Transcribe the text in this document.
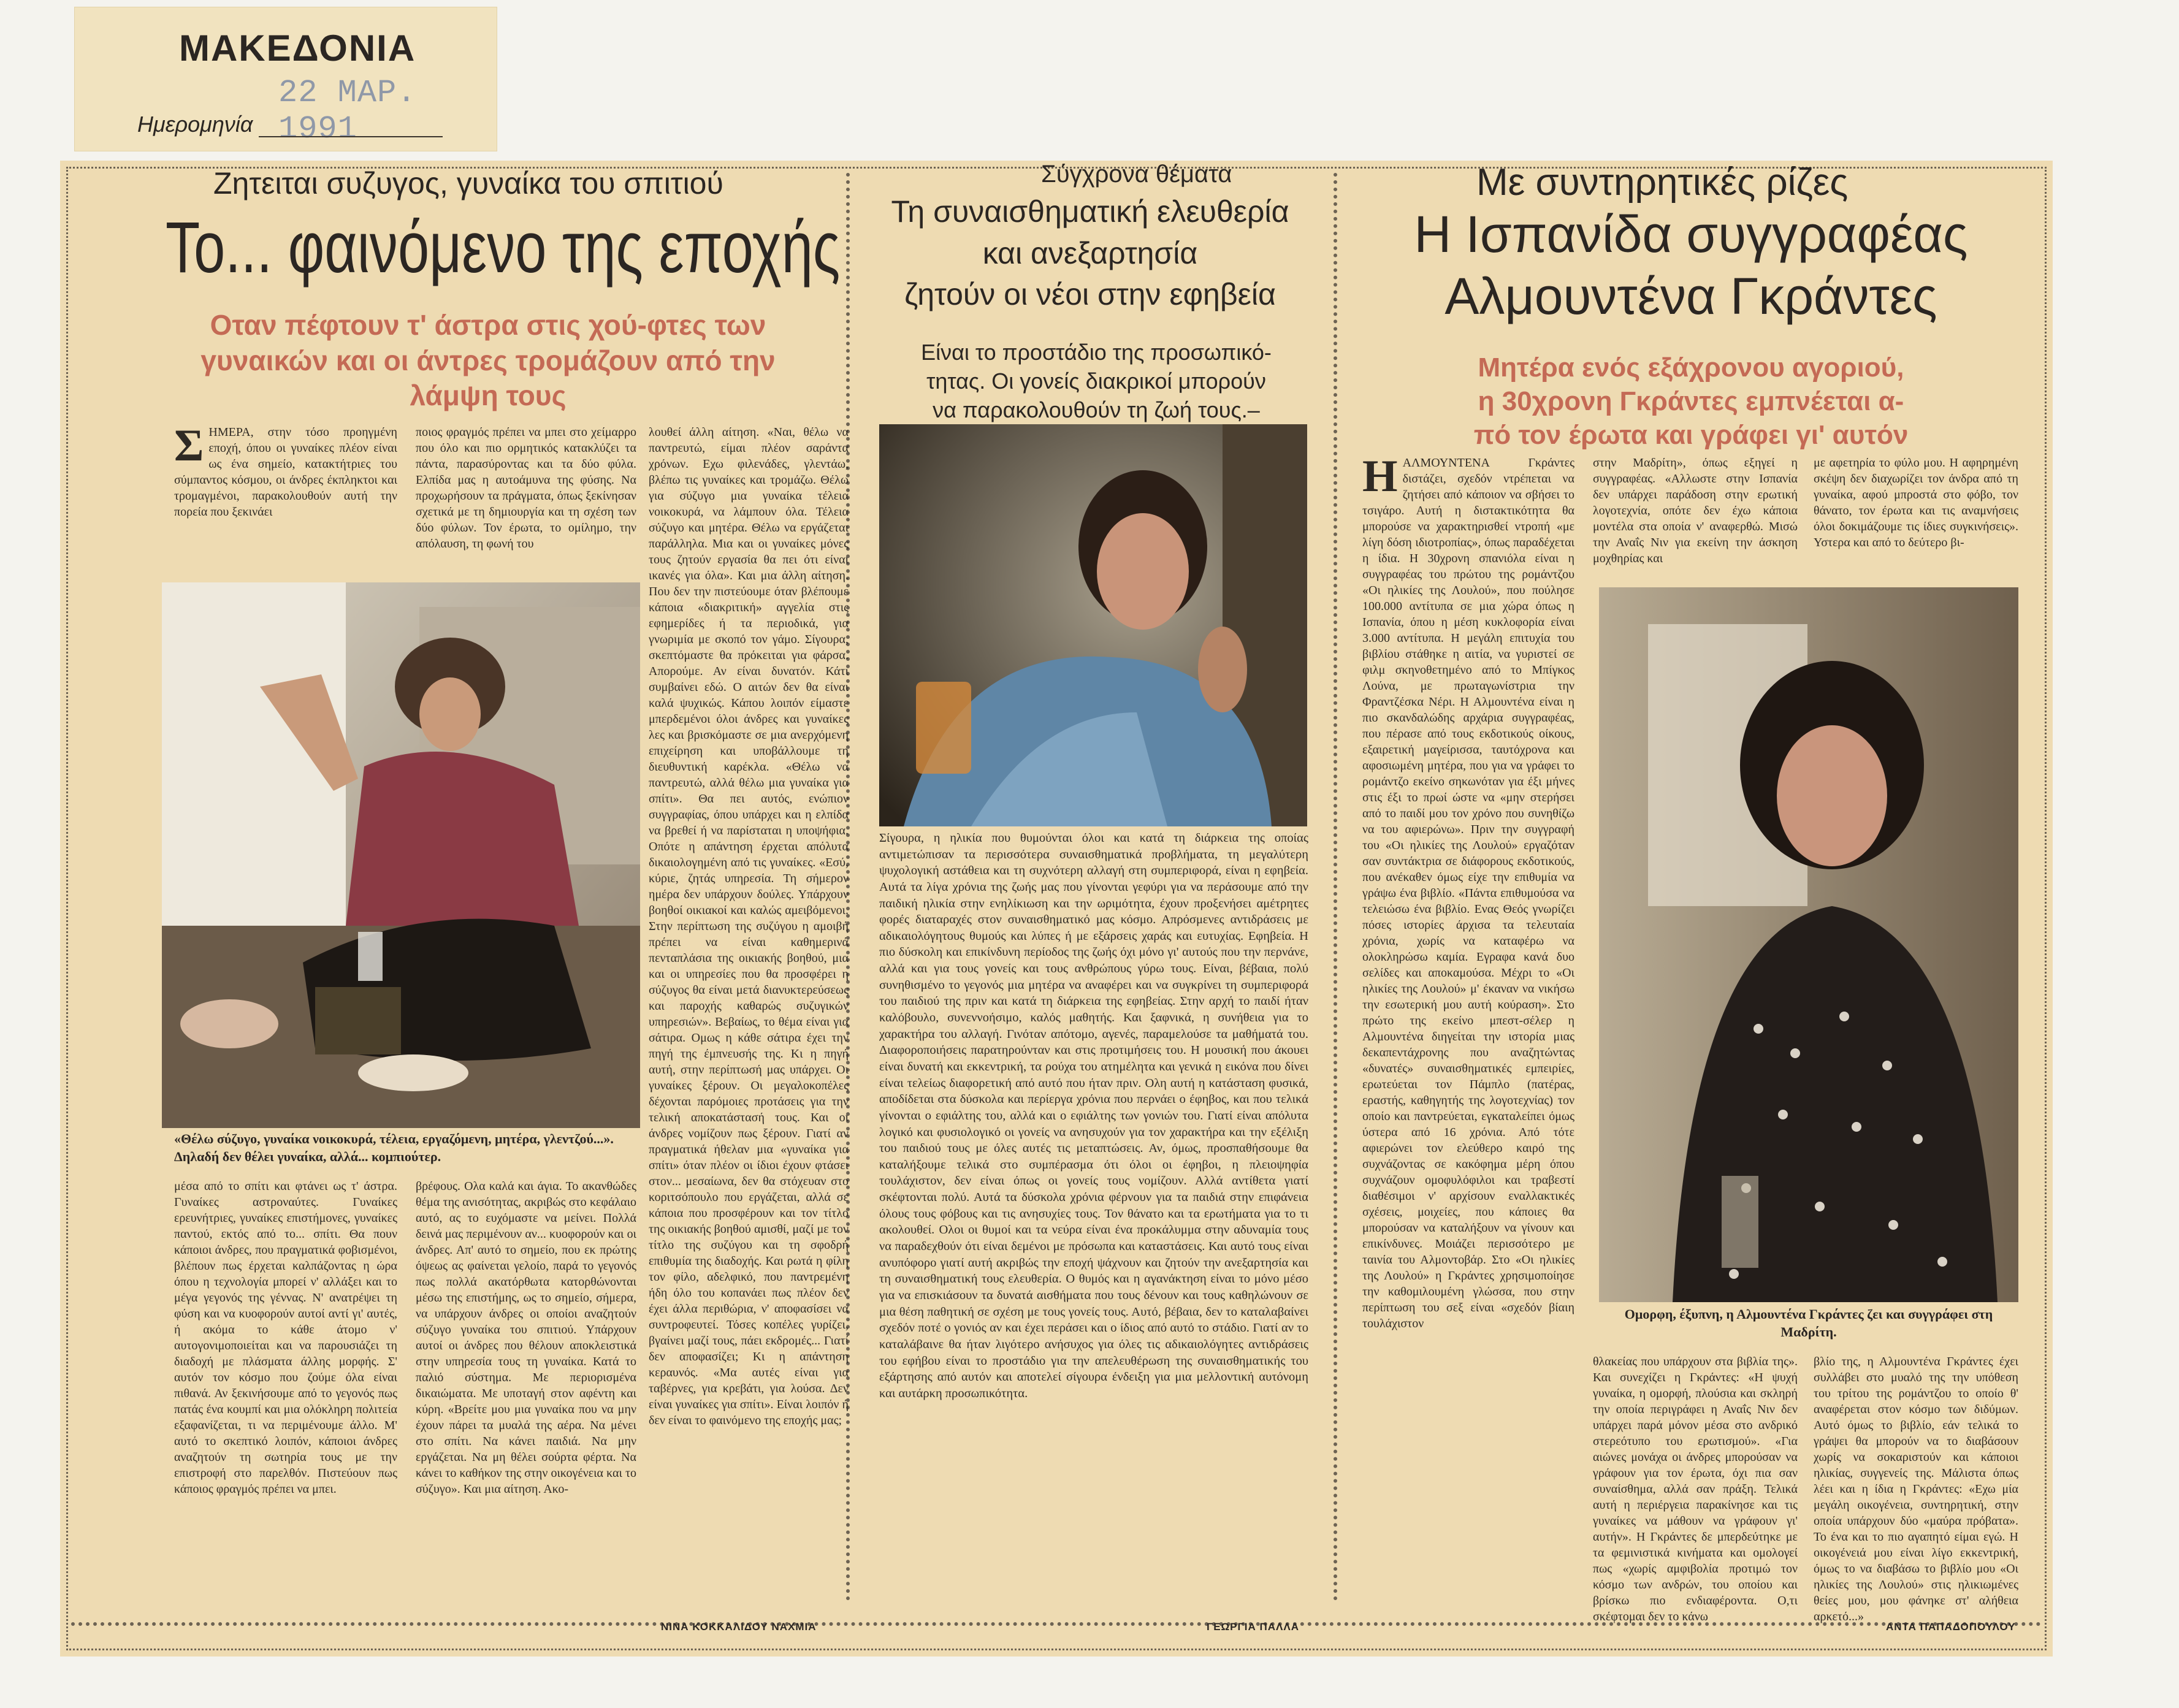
ΜΑΚΕΔΟΝΙΑ
22 ΜΑΡ. 1991
Ημερομηνία
Ζητειται συζυγος, γυναίκα του σπιτιού
Το... φαινόμενο της εποχής
Οταν πέφτουν τ' άστρα στις χού-φτες των γυναικών και οι άντρες τρομάζουν από την λάμψη τους

ΣΗΜΕΡΑ, στην τόσο προηγμένη εποχή, όπου οι γυναίκες πλέον είναι ως ένα σημείο, κατακτήτριες του σύμπαντος κόσμου, οι άνδρες έκπληκτοι και τρομαγμένοι, παρακολουθούν αυτή την πορεία που ξεκινάει

ποιος φραγμός πρέπει να μπει στο χείμαρρο που όλο και πιο ορμητικός κατακλύζει τα πάντα, παρασύροντας και τα δύο φύλα. Ελπίδα μας η αυτοάμυνα της φύσης. Να προχωρήσουν τα πράγματα, όπως ξεκίνησαν σχετικά με τη δημιουργία και τη σχέση των δύο φύλων. Τον έρωτα, το ομίλημο, την απόλαυση, τη φωνή του
λουθεί άλλη αίτηση. «Ναι, θέλω να παντρευτώ, είμαι πλέον σαράντα χρόνων. Εχω φιλενάδες, γλεντάω, βλέπω τις γυναίκες και τρομάζω. Θέλω για σύζυγο μια γυναίκα τέλεια νοικοκυρά, να λάμπουν όλα. Τέλεια σύζυγο και μητέρα. Θέλω να εργάζεται παράλληλα. Μια και οι γυναίκες μόνες τους ζητούν εργασία θα πει ότι είναι ικανές για όλα». Και μια άλλη αίτηση. Που δεν την πιστεύουμε όταν βλέπουμε κάποια «διακριτική» αγγελία στις εφημερίδες ή τα περιοδικά, για γνωριμία με σκοπό τον γάμο. Σίγουρα, σκεπτόμαστε θα πρόκειται για φάρσα. Απορούμε. Αν είναι δυνατόν. Κάτι συμβαίνει εδώ. Ο αιτών δεν θα είναι καλά ψυχικώς. Κάπου λοιπόν είμαστε μπερδεμένοι όλοι άνδρες και γυναίκες λες και βρισκόμαστε σε μια ανερχόμενη επιχείρηση και υποβάλλουμε τη διευθυντική καρέκλα. «Θέλω να παντρευτώ, αλλά θέλω μια γυναίκα για σπίτι». Θα πει αυτός, ενώπιον συγγραφίας, όπου υπάρχει και η ελπίδα να βρεθεί ή να παρίσταται η υποψήφια. Οπότε η απάντηση έρχεται απόλυτα δικαιολογημένη από τις γυναίκες. «Εσύ, κύριε, ζητάς υπηρεσία. Τη σήμερον ημέρα δεν υπάρχουν δούλες. Υπάρχουν βοηθοί οικιακοί και καλώς αμειβόμενοι. Στην περίπτωση της συζύγου η αμοιβή πρέπει να είναι καθημερινά πενταπλάσια της οικιακής βοηθού, μια και οι υπηρεσίες που θα προσφέρει η σύζυγος θα είναι μετά διανυκτερεύσεως και παροχής καθαρώς συζυγικών υπηρεσιών». Βεβαίως, το θέμα είναι για σάτιρα. Ομως η κάθε σάτιρα έχει την πηγή της έμπνευσής της. Κι η πηγή αυτή, στην περίπτωσή μας υπάρχει. Οι γυναίκες ξέρουν. Οι μεγαλοκοπέλες δέχονται παρόμοιες προτάσεις για την τελική αποκατάστασή τους. Και οι άνδρες νομίζουν πως ξέρουν. Γιατί αν πραγματικά ήθελαν μια «γυναίκα για σπίτι» όταν πλέον οι ίδιοι έχουν φτάσει στον... μεσαίωνα, δεν θα στόχευαν στο κοριτσόπουλο που εργάζεται, αλλά σε κάποια που προσφέρουν και τον τίτλο της οικιακής βοηθού αμισθί, μαζί με τον τίτλο της συζύγου και τη σφοδρή επιθυμία της διαδοχής. Και ρωτά η φίλη τον φίλο, αδελφικό, που παντρεμένη ήδη όλο του κοπανάει πως πλέον δεν έχει άλλα περιθώρια, ν' αποφασίσει να συντροφευτεί. Τόσες κοπέλες γυρίζει, βγαίνει μαζί τους, πάει εκδρομές... Γιατί δεν αποφασίζει; Κι η απάντηση κεραυνός. «Μα αυτές είναι για ταβέρνες, για κρεβάτι, για λούσα. Δεν είναι γυναίκες για σπίτι». Είναι λοιπόν ή δεν είναι το φαινόμενο της εποχής μας;
«Θέλω σύζυγο, γυναίκα νοικοκυρά, τέλεια, εργαζόμενη, μητέρα, γλεντζού...». Δηλαδή δεν θέλει γυναίκα, αλλά... κομπιούτερ.
μέσα από το σπίτι και φτάνει ως τ' άστρα. Γυναίκες αστροναύτες. Γυναίκες ερευνήτριες, γυναίκες επιστήμονες, γυναίκες παντού, εκτός από το... σπίτι. Θα πουν κάποιοι άνδρες, που πραγματικά φοβισμένοι, βλέπουν πως έρχεται καλπάζοντας η ώρα όπου η τεχνολογία μπορεί ν' αλλάξει και το μέγα γεγονός της γέννας. Ν' ανατρέψει τη φύση και να κυοφορούν αυτοί αντί γι' αυτές, ή ακόμα το κάθε άτομο ν' αυτογονιμοποιείται και να παρουσιάζει τη διαδοχή με πλάσματα άλλης μορφής. Σ' αυτόν τον κόσμο που ζούμε όλα είναι πιθανά. Αν ξεκινήσουμε από το γεγονός πως πατάς ένα κουμπί και μια ολόκληρη πολιτεία εξαφανίζεται, τι να περιμένουμε άλλο. Μ' αυτό το σκεπτικό λοιπόν, κάποιοι άνδρες αναζητούν τη σωτηρία τους με την επιστροφή στο παρελθόν. Πιστεύουν πως κάποιος φραγμός πρέπει να μπει.
βρέφους. Ολα καλά και άγια. Το ακανθώδες θέμα της ανισότητας, ακριβώς στο κεφάλαιο αυτό, ας το ευχόμαστε να μείνει. Πολλά δεινά μας περιμένουν αν... κυοφορούν και οι άνδρες. Απ' αυτό το σημείο, που εκ πρώτης όψεως ας φαίνεται γελοίο, παρά το γεγονός πως πολλά ακατόρθωτα κατορθώνονται μέσω της επιστήμης, ως το σημείο, σήμερα, να υπάρχουν άνδρες οι οποίοι αναζητούν σύζυγο γυναίκα του σπιτιού. Υπάρχουν αυτοί οι άνδρες που θέλουν αποκλειστικά στην υπηρεσία τους τη γυναίκα. Κατά το παλιό σύστημα. Με περιορισμένα δικαιώματα. Με υποταγή στον αφέντη και κύρη. «Βρείτε μου μια γυναίκα που να μην έχουν πάρει τα μυαλά της αέρα. Να μένει στο σπίτι. Να κάνει παιδιά. Να μην εργάζεται. Να μη θέλει σούρτα φέρτα. Να κάνει το καθήκον της στην οικογένεια και το σύζυγο». Και μια αίτηση. Ακο-
ΝΙΝΑ ΚΟΚΚΑΛΙΔΟΥ ΝΑΧΜΙΑ
Σύγχρονα θέματα
Τη συναισθηματική ελευθερία
και ανεξαρτησία
ζητούν οι νέοι στην εφηβεία
Είναι το προστάδιο της προσωπικό-
τητας. Οι γονείς διακρικοί μπορούν
να παρακολουθούν τη ζωή τους.–
Σίγουρα, η ηλικία που θυμούνται όλοι και κατά τη διάρκεια της οποίας αντιμετώπισαν τα περισσότερα συναισθηματικά προβλήματα, τη μεγαλύτερη ψυχολογική αστάθεια και τη συχνότερη αλλαγή στη συμπεριφορά, είναι η εφηβεία. Αυτά τα λίγα χρόνια της ζωής μας που γίνονται γεφύρι για να περάσουμε από την παιδική ηλικία στην ενηλίκιωση και την ωριμότητα, έχουν προξενήσει αμέτρητες φορές διαταραχές στον συναισθηματικό μας κόσμο. Απρόσμενες αντιδράσεις με αδικαιολόγητους θυμούς και λύπες ή με εξάρσεις χαράς και ευτυχίας. Εφηβεία. Η πιο δύσκολη και επικίνδυνη περίοδος της ζωής όχι μόνο γι' αυτούς που την περνάνε, αλλά και για τους γονείς και τους ανθρώπους γύρω τους. Είναι, βέβαια, πολύ συνηθισμένο το γεγονός μια μητέρα να αναφέρει και να συγκρίνει τη συμπεριφορά του παιδιού της πριν και κατά τη διάρκεια της εφηβείας. Στην αρχή το παιδί ήταν καλόβουλο, συνεννοήσιμο, καλός μαθητής. Και ξαφνικά, η συνήθεια για το χαρακτήρα του αλλαγή. Γινόταν απότομο, αγενές, παραμελούσε τα μαθήματά του. Διαφοροποιήσεις παρατηρούνταν και στις προτιμήσεις του. Η μουσική που άκουει είναι δυνατή και εκκεντρική, τα ρούχα του ατημέλητα και γενικά η εικόνα που δίνει είναι τελείως διαφορετική από αυτό που ήταν πριν. Ολη αυτή η κατάσταση φυσικά, αποδίδεται στα δύσκολα και περίεργα χρόνια που περνάει ο έφηβος, και που τελικά γίνονται ο εφιάλτης του, αλλά και ο εφιάλτης των γονιών του. Γιατί είναι απόλυτα λογικό και φυσιολογικό οι γονείς να ανησυχούν για τον χαρακτήρα και την εξέλιξη του παιδιού τους με όλες αυτές τις μεταπτώσεις. Αν, όμως, προσπαθήσουμε θα καταλήξουμε τελικά στο συμπέρασμα ότι όλοι οι έφηβοι, η πλειοψηφία τουλάχιστον, δεν είναι όπως οι γονείς τους νομίζουν. Αλλά αντίθετα γιατί σκέφτονται πολύ. Αυτά τα δύσκολα χρόνια φέρνουν για τα παιδιά στην επιφάνεια όλους τους φόβους και τις ανησυχίες τους. Τον θάνατο και τα ερωτήματα για το τι ακολουθεί. Ολοι οι θυμοί και τα νεύρα είναι ένα προκάλυμμα στην αδυναμία τους να παραδεχθούν ότι είναι δεμένοι με πρόσωπα και καταστάσεις. Και αυτό τους είναι ανυπόφορο γιατί αυτή ακριβώς την εποχή ψάχνουν και ζητούν την ανεξαρτησία και τη συναισθηματική τους ελευθερία. Ο θυμός και η αγανάκτηση είναι το μόνο μέσο για να επισκιάσουν τα δυνατά αισθήματα που τους δένουν και τους καθηλώνουν σε μια θέση παθητική σε σχέση με τους γονείς τους. Αυτό, βέβαια, δεν το καταλαβαίνει σχεδόν ποτέ ο γονιός αν και έχει περάσει και ο ίδιος από αυτό το στάδιο. Γιατί αν το καταλάβαινε θα ήταν λιγότερο ανήσυχος για όλες τις αδικαιολόγητες αντιδράσεις του εφήβου είναι το προστάδιο για την απελευθέρωση της συναισθηματικής του εξάρτησης από αυτόν και αποτελεί σίγουρα ένδειξη για μια μελλοντική αυτόνομη και αυτάρκη προσωπικότητα.
ΓΕΩΡΓΙΑ ΠΑΛΛΑ
Με συντηρητικές ρίζες
Η Ισπανίδα συγγραφέας
Αλμουντένα Γκράντες
Μητέρα ενός εξάχρονου αγοριού,
η 30χρονη Γκράντες εμπνέεται α-
πό τον έρωτα και γράφει γι' αυτόν

ΗΑΛΜΟΥΝΤΕΝΑ Γκράντες διστάζει, σχεδόν ντρέπεται να ζητήσει από κάποιον να σβήσει το τσιγάρο. Αυτή η διστακτικότητα θα μπορούσε να χαρακτηρισθεί ντροπή «με λίγη δόση ιδιοτροπίας», όπως παραδέχεται η ίδια. Η 30χρονη σπανιόλα είναι η συγγραφέας του πρώτου της ρομάντζου «Οι ηλικίες της Λουλού», που πούλησε 100.000 αντίτυπα σε μια χώρα όπως η Ισπανία, όπου η μέση κυκλοφορία είναι 3.000 αντίτυπα. Η μεγάλη επιτυχία του βιβλίου στάθηκε η αιτία, να γυριστεί σε φιλμ σκηνοθετημένο από το Μπίγκος Λούνα, με πρωταγωνίστρια την Φραντζέσκα Νέρι. Η Αλμουντένα είναι η πιο σκανδαλώδης αρχάρια συγγραφέας, που πέρασε από τους εκδοτικούς οίκους, εξαιρετική μαγείρισσα, ταυτόχρονα και αφοσιωμένη μητέρα, που για να γράφει το ρομάντζο εκείνο σηκωνόταν για έξι μήνες στις έξι το πρωί ώστε να «μην στερήσει από το παιδί μου τον χρόνο που συνηθίζω να του αφιερώνω». Πριν την συγγραφή του «Οι ηλικίες της Λουλού» εργαζόταν σαν συντάκτρια σε διάφορους εκδοτικούς, που ανέκαθεν όμως είχε την επιθυμία να γράψω ένα βιβλίο. «Πάντα επιθυμούσα να τελειώσω ένα βιβλίο. Ενας Θεός γνωρίζει πόσες ιστορίες άρχισα τα τελευταία χρόνια, χωρίς να καταφέρω να ολοκληρώσω καμία. Εγραφα κανά δυο σελίδες και αποκαμούσα. Μέχρι το «Οι ηλικίες της Λουλού» μ' έκαναν να νικήσω την εσωτερική μου αυτή κούραση». Στο πρώτο της εκείνο μπεστ-σέλερ η Αλμουντένα διηγείται την ιστορία μιας δεκαπεντάχρονης που αναζητώντας «δυνατές» συναισθηματικές εμπειρίες, ερωτεύεται τον Πάμπλο (πατέρας, εραστής, καθηγητής της λογοτεχνίας) τον οποίο και παντρεύεται, εγκαταλείπει όμως ύστερα από 16 χρόνια. Από τότε αφιερώνει τον ελεύθερο καιρό της συχνάζοντας σε κακόφημα μέρη όπου συχνάζουν ομοφυλόφιλοι και τραβεστί διαθέσιμοι ν' αρχίσουν εναλλακτικές σχέσεις, μοιχείες, που κάποιες θα μπορούσαν να καταλήξουν να γίνουν και επικίνδυνες. Μοιάζει περισσότερο με ταινία του Αλμοντοβάρ. Στο «Οι ηλικίες της Λουλού» η Γκράντες χρησιμοποίησε την καθομιλουμένη γλώσσα, που στην περίπτωση του σεξ είναι «σχεδόν βίαιη τουλάχιστον

στην Μαδρίτη», όπως εξηγεί η συγγραφέας. «Αλλωστε στην Ισπανία δεν υπάρχει παράδοση στην ερωτική λογοτεχνία, οπότε δεν έχω κάποια μοντέλα στα οποία ν' αναφερθώ. Μισώ την Αναΐς Νιν για εκείνη την άσκηση μοχθηρίας και
με αφετηρία το φύλο μου. Η αφηρημένη σκέψη δεν διαχωρίζει τον άνδρα από τη γυναίκα, αφού μπροστά στο φόβο, τον θάνατο, τον έρωτα και τις αναμνήσεις όλοι δοκιμάζουμε τις ίδιες συγκινήσεις». Υστερα και από το δεύτερο βι-
Ομορφη, έξυπνη, η Αλμουντένα Γκράντες ζει και συγγράφει στη Μαδρίτη.
θλακείας που υπάρχουν στα βιβλία της». Και συνεχίζει η Γκράντες: «Η ψυχή γυναίκα, η ομορφή, πλούσια και σκληρή την οποία περιγράφει η Αναΐς Νιν δεν υπάρχει παρά μόνον μέσα στο ανδρικό στερεότυπο του ερωτισμού». «Για αιώνες μονάχα οι άνδρες μπορούσαν να γράφουν για τον έρωτα, όχι πια σαν συναίσθημα, αλλά σαν πράξη. Τελικά αυτή η περιέργεια παρακίνησε και τις γυναίκες να μάθουν να γράφουν γι' αυτήν». Η Γκράντες δε μπερδεύτηκε με τα φεμινιστικά κινήματα και ομολογεί πως «χωρίς αμφιβολία προτιμώ τον κόσμο των ανδρών, του οποίου και βρίσκω πιο ενδιαφέροντα. Ο,τι σκέφτομαι δεν το κάνω
βλίο της, η Αλμουντένα Γκράντες έχει συλλάβει στο μυαλό της την υπόθεση του τρίτου της ρομάντζου το οποίο θ' αναφέρεται στον κόσμο των διδύμων. Αυτό όμως το βιβλίο, εάν τελικά το γράψει θα μπορούν να το διαβάσουν χωρίς να σοκαριστούν και κάποιοι ηλικίας, συγγενείς της. Μάλιστα όπως λέει και η ίδια η Γκράντες: «Εχω μία μεγάλη οικογένεια, συντηρητική, στην οποία υπάρχουν δύο «μαύρα πρόβατα». Το ένα και το πιο αγαπητό είμαι εγώ. Η οικογένειά μου είναι λίγο εκκεντρική, όμως το να διαβάσω το βιβλίο μου «Οι ηλικίες της Λουλού» στις ηλικιωμένες θείες μου, μου φάνηκε στ' αλήθεια αρκετό...»
ΑΝΤΑ ΠΑΠΑΔΟΠΟΥΛΟΥ
